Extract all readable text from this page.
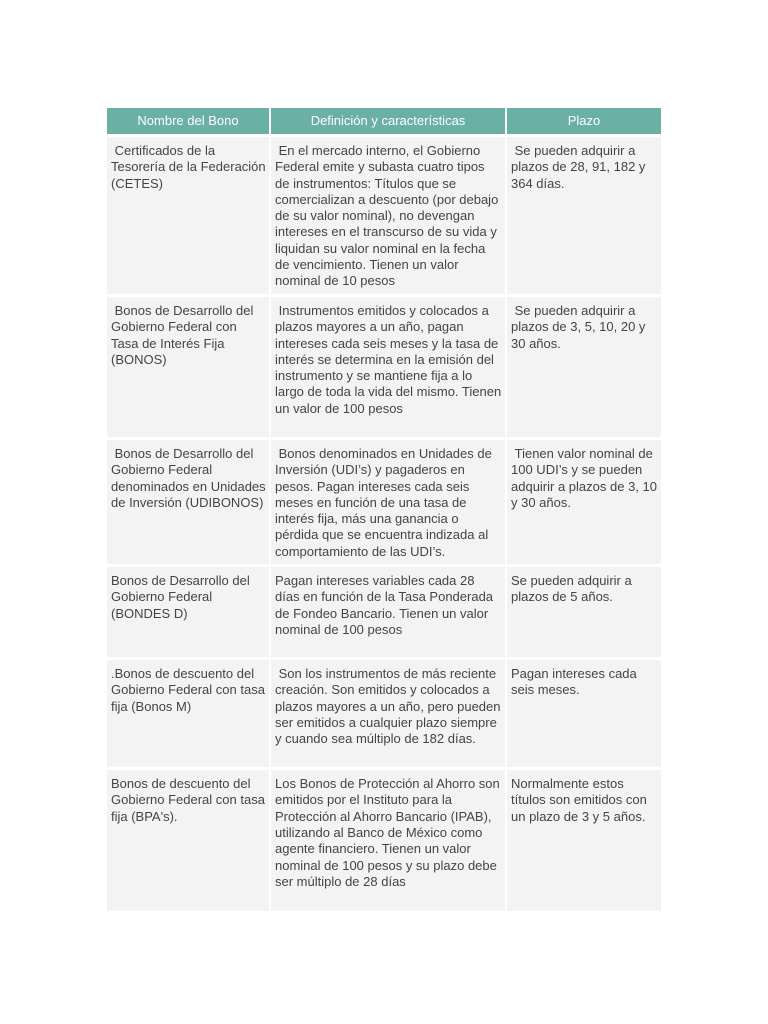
Nombre del Bono	Definición y características	Plazo
Certificados de la Tesorería de la Federación (CETES)	En el mercado interno, el Gobierno Federal emite y subasta cuatro tipos de instrumentos: Títulos que se comercializan a descuento (por debajo de su valor nominal), no devengan intereses en el transcurso de su vida y liquidan su valor nominal en la fecha de vencimiento. Tienen un valor nominal de 10 pesos	Se pueden adquirir a plazos de 28, 91, 182 y 364 días.
Bonos de Desarrollo del Gobierno Federal con Tasa de Interés Fija (BONOS)	Instrumentos emitidos y colocados a plazos mayores a un año, pagan intereses cada seis meses y la tasa de interés se determina en la emisión del instrumento y se mantiene fija a lo largo de toda la vida del mismo. Tienen un valor de 100 pesos	Se pueden adquirir a plazos de 3, 5, 10, 20 y 30 años.
Bonos de Desarrollo del Gobierno Federal denominados en Unidades de Inversión (UDIBONOS)	Bonos denominados en Unidades de Inversión (UDI’s) y pagaderos en pesos. Pagan intereses cada seis meses en función de una tasa de interés fija, más una ganancia o pérdida que se encuentra indizada al comportamiento de las UDI’s.	Tienen valor nominal de 100 UDI’s y se pueden adquirir a plazos de 3, 10 y 30 años.
Bonos de Desarrollo del Gobierno Federal (BONDES D)	Pagan intereses variables cada 28 días en función de la Tasa Ponderada de Fondeo Bancario. Tienen un valor nominal de 100 pesos	Se pueden adquirir a plazos de 5 años.
.Bonos de descuento del Gobierno Federal con tasa fija (Bonos M)	Son los instrumentos de más reciente creación. Son emitidos y colocados a plazos mayores a un año, pero pueden ser emitidos a cualquier plazo siempre y cuando sea múltiplo de 182 días.	Pagan intereses cada seis meses.
Bonos de descuento del Gobierno Federal con tasa fija (BPA's).	Los Bonos de Protección al Ahorro son emitidos por el Instituto para la Protección al Ahorro Bancario (IPAB), utilizando al Banco de México como agente financiero. Tienen un valor nominal de 100 pesos y su plazo debe ser múltiplo de 28 días	Normalmente estos títulos son emitidos con un plazo de 3 y 5 años.
